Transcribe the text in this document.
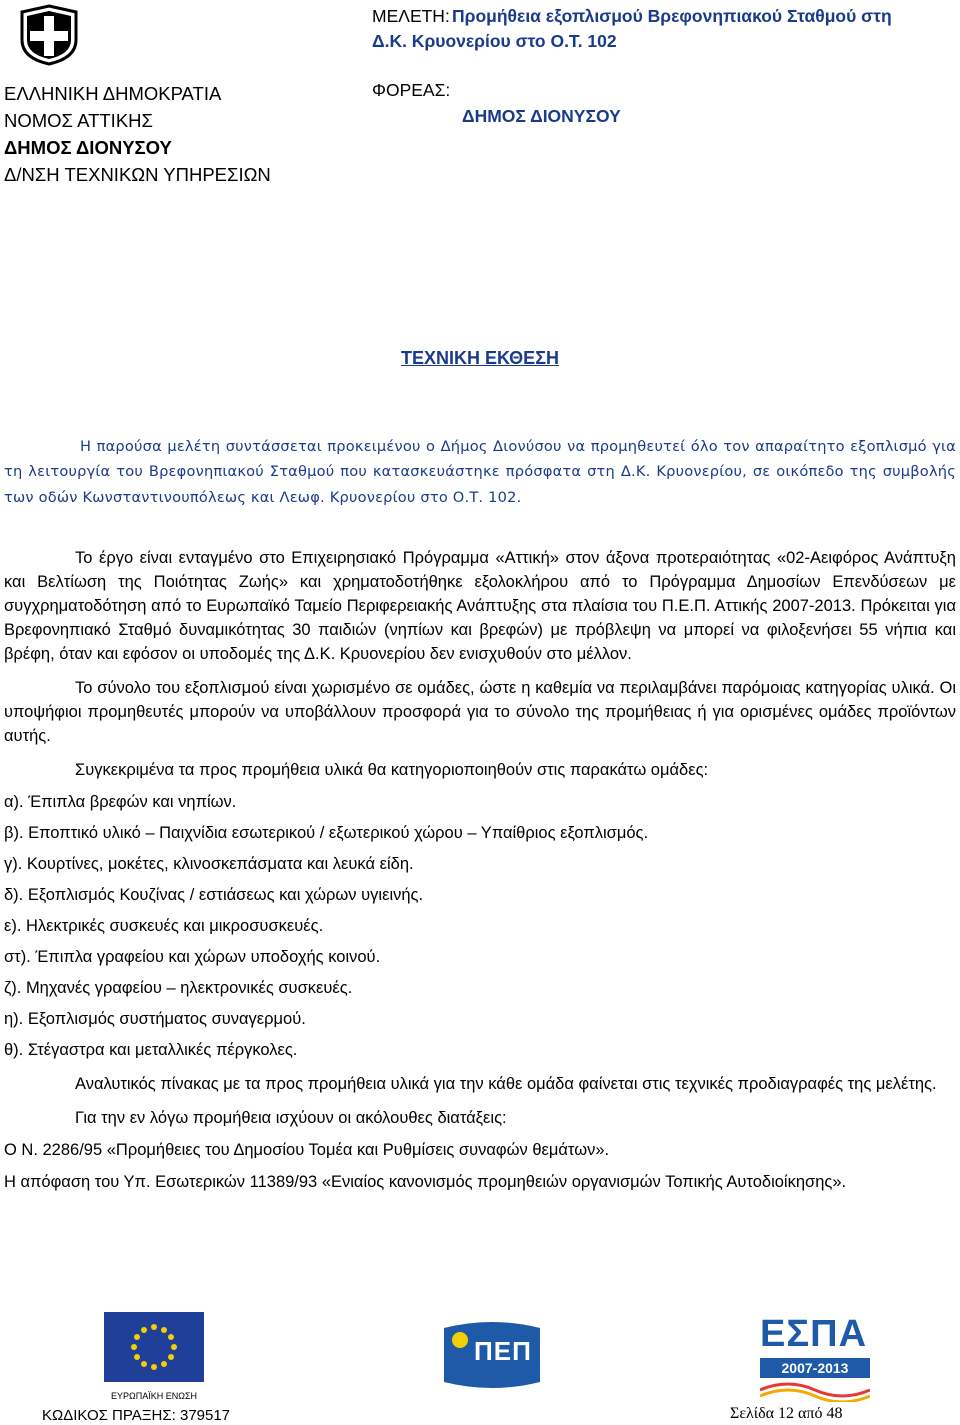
ΕΛΛΗΝΙΚΗ ΔΗΜΟΚΡΑΤΙΑ
ΝΟΜΟΣ ΑΤΤΙΚΗΣ
ΔΗΜΟΣ ΔΙΟΝΥΣΟΥ
Δ/ΝΣΗ ΤΕΧΝΙΚΩΝ ΥΠΗΡΕΣΙΩΝ
ΜΕΛΕΤΗ: Προμήθεια εξοπλισμού Βρεφονηπιακού Σταθμού στη
Δ.Κ. Κρυονερίου στο Ο.Τ. 102
ΦΟΡΕΑΣ:
ΔΗΜΟΣ ΔΙΟΝΥΣΟΥ
ΤΕΧΝΙΚΗ ΕΚΘΕΣΗ
Η παρούσα μελέτη συντάσσεται προκειμένου ο Δήμος Διονύσου να προμηθευτεί όλο τον απαραίτητο εξοπλισμό για τη λειτουργία του Βρεφονηπιακού Σταθμού που κατασκευάστηκε πρόσφατα στη Δ.Κ. Κρυονερίου, σε οικόπεδο της συμβολής των οδών Κωνσταντινουπόλεως και Λεωφ. Κρυονερίου στο Ο.Τ. 102.

Το έργο είναι ενταγμένο στο Επιχειρησιακό Πρόγραμμα «Αττική» στον άξονα προτεραιότητας «02-Αειφόρος Ανάπτυξη και Βελτίωση της Ποιότητας Ζωής» και χρηματοδοτήθηκε εξολοκλήρου από το Πρόγραμμα Δημοσίων Επενδύσεων με συγχρηματοδότηση από το Ευρωπαϊκό Ταμείο Περιφερειακής Ανάπτυξης στα πλαίσια του Π.Ε.Π. Αττικής 2007-2013. Πρόκειται για Βρεφονηπιακό Σταθμό δυναμικότητας 30 παιδιών (νηπίων και βρεφών) με πρόβλεψη να μπορεί να φιλοξενήσει 55 νήπια και βρέφη, όταν και εφόσον οι υποδομές της Δ.Κ. Κρυονερίου δεν ενισχυθούν στο μέλλον.

Το σύνολο του εξοπλισμού είναι χωρισμένο σε ομάδες, ώστε η καθεμία να περιλαμβάνει παρόμοιας κατηγορίας υλικά. Οι υποψήφιοι προμηθευτές μπορούν να υποβάλλουν προσφορά για το σύνολο της προμήθειας ή για ορισμένες ομάδες προϊόντων αυτής.

Συγκεκριμένα τα προς προμήθεια υλικά θα κατηγοριοποιηθούν στις παρακάτω ομάδες:

α). Έπιπλα βρεφών και νηπίων.

β). Εποπτικό υλικό – Παιχνίδια εσωτερικού / εξωτερικού χώρου – Υπαίθριος εξοπλισμός.

γ). Κουρτίνες, μοκέτες, κλινοσκεπάσματα και λευκά είδη.

δ). Εξοπλισμός Κουζίνας / εστιάσεως και χώρων υγιεινής.

ε). Ηλεκτρικές συσκευές και μικροσυσκευές.

στ). Έπιπλα γραφείου και χώρων υποδοχής κοινού.

ζ). Μηχανές γραφείου – ηλεκτρονικές συσκευές.

η). Εξοπλισμός συστήματος συναγερμού.

θ). Στέγαστρα και μεταλλικές πέργκολες.

Αναλυτικός πίνακας με τα προς προμήθεια υλικά για την κάθε ομάδα φαίνεται στις τεχνικές προδιαγραφές της μελέτης.

Για την εν λόγω προμήθεια ισχύουν οι ακόλουθες διατάξεις:

Ο Ν. 2286/95 «Προμήθειες του Δημοσίου Τομέα και Ρυθμίσεις συναφών θεμάτων».

Η απόφαση του Υπ. Εσωτερικών 11389/93 «Ενιαίος κανονισμός προμηθειών οργανισμών Τοπικής Αυτοδιοίκησης».

ΕΥΡΩΠΑΪΚΗ ΕΝΩΣΗ
ΠΕΠ	ΕΣΠΑ
2007-2013
ΚΩΔΙΚΟΣ ΠΡΑΞΗΣ: 379517	Σελίδα 12 από 48
